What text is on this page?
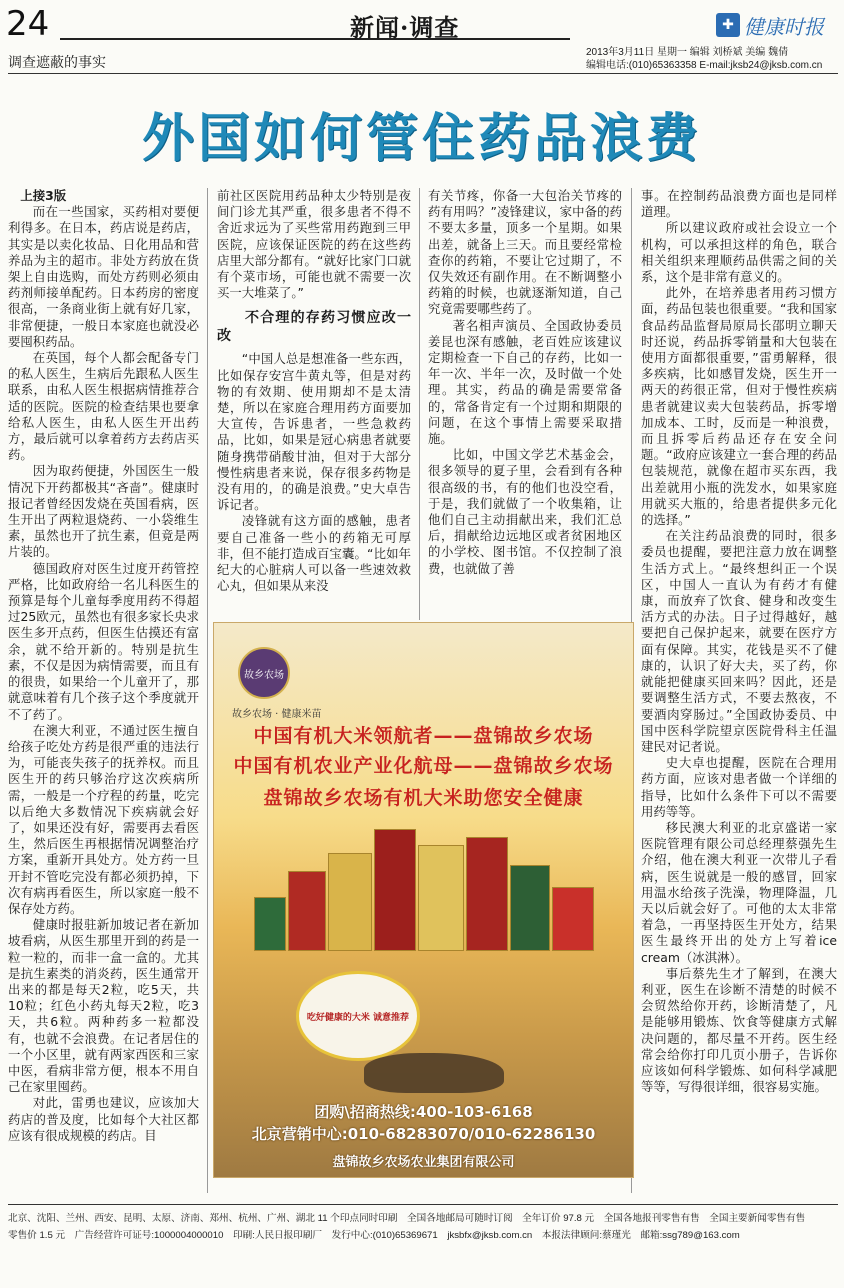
24	新闻·调查
调查遮蔽的事实
✚ 健康时报
2013年3月11日 星期一 编辑 刘桥斌 美编 魏倩
编辑电话:(010)65363358 E-mail:jksb24@jksb.com.cn
外国如何管住药品浪费

上接3版

而在一些国家，买药相对要便利得多。在日本，药店说是药店，其实是以卖化妆品、日化用品和营养品为主的超市。非处方药放在货架上自由选购，而处方药则必须由药剂师接单配药。日本药房的密度很高，一条商业街上就有好几家，非常便捷，一般日本家庭也就没必要囤积药品。

在英国，每个人都会配备专门的私人医生，生病后先跟私人医生联系，由私人医生根据病情推荐合适的医院。医院的检查结果也要拿给私人医生，由私人医生开出药方，最后就可以拿着药方去药店买药。

因为取药便捷，外国医生一般情况下开药都极其“吝啬”。健康时报记者曾经因发烧在英国看病，医生开出了两粒退烧药、一小袋维生素，虽然也开了抗生素，但竟是两片装的。

德国政府对医生过度开药管控严格，比如政府给一名儿科医生的预算是每个儿童每季度用药不得超过25欧元，虽然也有很多家长央求医生多开点药，但医生估摸还有富余，就不给开新的。特别是抗生素，不仅是因为病情需要，而且有的很贵，如果给一个儿童开了，那就意味着有几个孩子这个季度就开不了药了。

在澳大利亚，不通过医生擅自给孩子吃处方药是很严重的违法行为，可能丧失孩子的抚养权。而且医生开的药只够治疗这次疾病所需，一般是一个疗程的药量，吃完以后绝大多数情况下疾病就会好了，如果还没有好，需要再去看医生，然后医生再根据情况调整治疗方案，重新开具处方。处方药一旦开封不管吃完没有都必须扔掉，下次有病再看医生，所以家庭一般不保存处方药。

健康时报驻新加坡记者在新加坡看病，从医生那里开到的药是一粒一粒的，而非一盒一盒的。尤其是抗生素类的消炎药，医生通常开出来的都是每天2粒，吃5天，共10粒；红色小药丸每天2粒，吃3天，共6粒。两种药多一粒都没有，也就不会浪费。在记者居住的一个小区里，就有两家西医和三家中医，看病非常方便，根本不用自己在家里囤药。

对此，雷勇也建议，应该加大药店的普及度，比如每个大社区都应该有很成规模的药店。目

前社区医院用药品种太少特别是夜间门诊尤其严重，很多患者不得不舍近求远为了买些常用药跑到三甲医院，应该保证医院的药在这些药店里大部分都有。“就好比家门口就有个菜市场，可能也就不需要一次买一大堆菜了。”

不合理的存药习惯应改一改

“中国人总是想准备一些东西，比如保存安宫牛黄丸等，但是对药物的有效期、使用期却不是太清楚，所以在家庭合理用药方面要加大宣传，告诉患者，一些急救药品，比如，如果是冠心病患者就要随身携带硝酸甘油，但对于大部分慢性病患者来说，保存很多药物是没有用的，的确是浪费。”史大卓告诉记者。

凌锋就有这方面的感触，患者要自己准备一些小的药箱无可厚非，但不能打造成百宝囊。“比如年纪大的心脏病人可以备一些速效救心丸，但如果从来没

有关节疼，你备一大包治关节疼的药有用吗？”凌锋建议，家中备的药不要太多量，顶多一个星期。如果出差，就备上三天。而且要经常检查你的药箱，不要让它过期了，不仅失效还有副作用。在不断调整小药箱的时候，也就逐渐知道，自己究竟需要哪些药了。

著名相声演员、全国政协委员姜昆也深有感触，老百姓应该建议定期检查一下自己的存药，比如一年一次、半年一次，及时做一个处理。其实，药品的确是需要常备的，常备肯定有一个过期和期限的问题，在这个事情上需要采取措施。

比如，中国文学艺术基金会，很多领导的夏子里，会看到有各种很高级的书，有的他们也没空看，于是，我们就做了一个收集箱，让他们自己主动捐献出来，我们汇总后，捐献给边远地区或者贫困地区的小学校、图书馆。不仅控制了浪费，也就做了善

事。在控制药品浪费方面也是同样道理。

所以建议政府或社会设立一个机构，可以承担这样的角色，联合相关组织来理顺药品供需之间的关系，这个是非常有意义的。

此外，在培养患者用药习惯方面，药品包装也很重要。“我和国家食品药品监督局原局长邵明立聊天时还说，药品拆零销量和大包装在使用方面都很重要，”雷勇解释，很多疾病，比如感冒发烧，医生开一两天的药很正常，但对于慢性疾病患者就建议卖大包装药品，拆零增加成本、工时，反而是一种浪费，而且拆零后药品还存在安全问题。“政府应该建立一套合理的药品包装规范，就像在超市买东西，我出差就用小瓶的洗发水，如果家庭用就买大瓶的，给患者提供多元化的选择。”

在关注药品浪费的同时，很多委员也提醒，要把注意力放在调整生活方式上。“最终想纠正一个误区，中国人一直认为有药才有健康，而放弃了饮食、健身和改变生活方式的办法。日子过得越好，越要把自己保护起来，就要在医疗方面有保障。其实，花钱是买不了健康的，认识了好大夫，买了药，你就能把健康买回来吗？因此，还是要调整生活方式，不要去熬夜，不要酒肉穿肠过。”全国政协委员、中国中医科学院望京医院骨科主任温建民对记者说。

史大卓也提醒，医院在合理用药方面，应该对患者做一个详细的指导，比如什么条件下可以不需要用药等等。

移民澳大利亚的北京盛诺一家医院管理有限公司总经理蔡强先生介绍，他在澳大利亚一次带儿子看病，医生说就是一般的感冒，回家用温水给孩子洗澡，物理降温，几天以后就会好了。可他的太太非常着急，一再坚持医生开处方，结果医生最终开出的处方上写着ice cream（冰淇淋）。

事后蔡先生才了解到，在澳大利亚，医生在诊断不清楚的时候不会贸然给你开药，诊断清楚了，凡是能够用锻炼、饮食等健康方式解决问题的，都尽量不开药。医生经常会给你打印几页小册子，告诉你应该如何科学锻炼、如何科学减肥等等，写得很详细，很容易实施。

故乡农场
故乡农场 · 健康米苗
中国有机大米领航者——盘锦故乡农场
中国有机农业产业化航母——盘锦故乡农场
盘锦故乡农场有机大米助您安全健康
吃好健康的大米 诚意推荐
团购\招商热线:400-103-6168
北京营销中心:010-68283070/010-62286130
盘锦故乡农场农业集团有限公司
北京、沈阳、兰州、西安、昆明、太原、济南、郑州、杭州、广州、湖北 11 个印点同时印刷　全国各地邮局可随时订阅　全年订价 97.8 元　全国各地报刊零售有售　全国主要新闻零售有售
零售价 1.5 元　广告经营许可证号:1000004000010　印刷:人民日报印刷厂　发行中心:(010)65369671　jksbfx@jksb.com.cn　本报法律顾问:蔡瑾光　邮箱:ssg789@163.com
